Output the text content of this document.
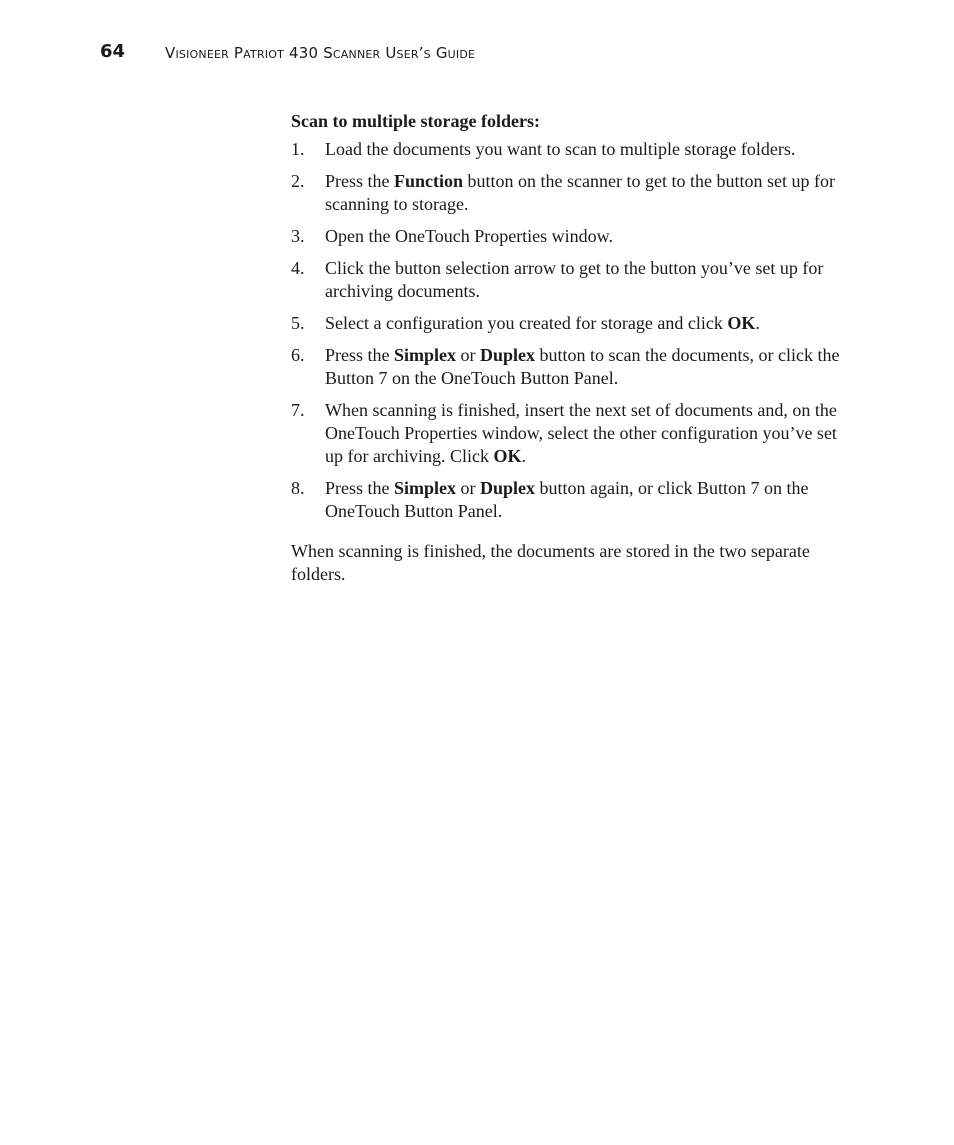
64	Visioneer Patriot 430 Scanner User’s Guide

Scan to multiple storage folders:

1. Load the documents you want to scan to multiple storage folders.
2. Press the Function button on the scanner to get to the button set up for scanning to storage.
3. Open the OneTouch Properties window.
4. Click the button selection arrow to get to the button you’ve set up for archiving documents.
5. Select a configuration you created for storage and click OK.
6. Press the Simplex or Duplex button to scan the documents, or click the Button 7 on the OneTouch Button Panel.
7. When scanning is finished, insert the next set of documents and, on the OneTouch Properties window, select the other configuration you’ve set up for archiving. Click OK.
8. Press the Simplex or Duplex button again, or click Button 7 on the OneTouch Button Panel.

When scanning is finished, the documents are stored in the two separate folders.
